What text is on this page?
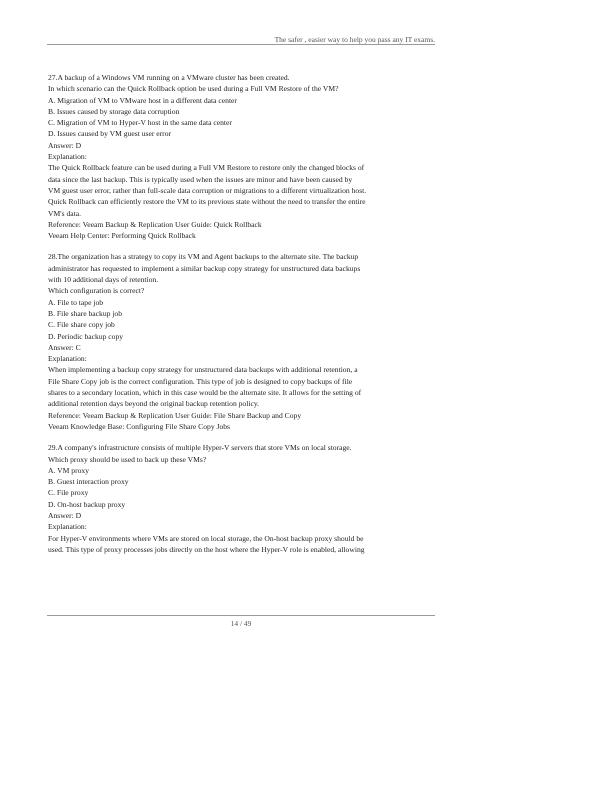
The safer , easier way to help you pass any IT exams.
27.A backup of a Windows VM running on a VMware cluster has been created.
In which scenario can the Quick Rollback option be used during a Full VM Restore of the VM?
A. Migration of VM to VMware host in a different data center
B. Issues caused by storage data corruption
C. Migration of VM to Hyper-V host in the same data center
D. Issues caused by VM guest user error
Answer: D
Explanation:
The Quick Rollback feature can be used during a Full VM Restore to restore only the changed blocks of
data since the last backup. This is typically used when the issues are minor and have been caused by
VM guest user error, rather than full-scale data corruption or migrations to a different virtualization host.
Quick Rollback can efficiently restore the VM to its previous state without the need to transfer the entire
VM's data.
Reference: Veeam Backup & Replication User Guide: Quick Rollback
Veeam Help Center: Performing Quick Rollback
28.The organization has a strategy to copy its VM and Agent backups to the alternate site. The backup
administrator has requested to implement a similar backup copy strategy for unstructured data backups
with 10 additional days of retention.
Which configuration is correct?
A. File to tape job
B. File share backup job
C. File share copy job
D. Periodic backup copy
Answer: C
Explanation:
When implementing a backup copy strategy for unstructured data backups with additional retention, a
File Share Copy job is the correct configuration. This type of job is designed to copy backups of file
shares to a secondary location, which in this case would be the alternate site. It allows for the setting of
additional retention days beyond the original backup retention policy.
Reference: Veeam Backup & Replication User Guide: File Share Backup and Copy
Veeam Knowledge Base: Configuring File Share Copy Jobs
29.A company's infrastructure consists of multiple Hyper-V servers that store VMs on local storage.
Which proxy should be used to back up these VMs?
A. VM proxy
B. Guest interaction proxy
C. File proxy
D. On-host backup proxy
Answer: D
Explanation:
For Hyper-V environments where VMs are stored on local storage, the On-host backup proxy should be
used. This type of proxy processes jobs directly on the host where the Hyper-V role is enabled, allowing
14 / 49
